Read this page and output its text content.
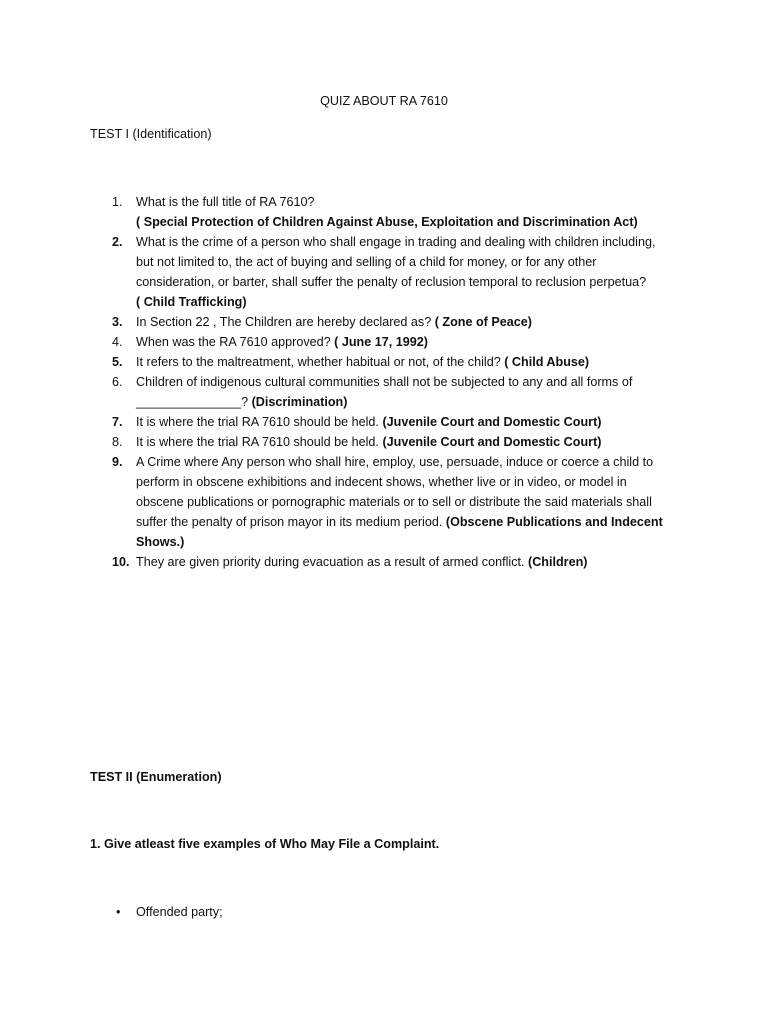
QUIZ ABOUT RA 7610
TEST I (Identification)
1.	What is the full title of RA 7610?
( Special Protection of Children Against Abuse, Exploitation and Discrimination Act)
2.	What is the crime of a person who shall engage in trading and dealing with children including, but not limited to, the act of buying and selling of a child for money, or for any other consideration, or barter, shall suffer the penalty of reclusion temporal to reclusion perpetua?
( Child Trafficking)
3.	In Section 22 , The Children are hereby declared as? ( Zone of Peace)
4.	When was the RA 7610 approved? ( June 17, 1992)
5.	It refers to the maltreatment, whether habitual or not, of the child? ( Child Abuse)
6.	Children of indigenous cultural communities shall not be subjected to any and all forms of
_______________? (Discrimination)
7.	It is where the trial RA 7610 should be held. (Juvenile Court and Domestic Court)
8.	It is where the trial RA 7610 should be held. (Juvenile Court and Domestic Court)
9.	A Crime where Any person who shall hire, employ, use, persuade, induce or coerce a child to perform in obscene exhibitions and indecent shows, whether live or in video, or model in obscene publications or pornographic materials or to sell or distribute the said materials shall suffer the penalty of prison mayor in its medium period. (Obscene Publications and Indecent Shows.)
10. They are given priority during evacuation as a result of armed conflict. (Children)
TEST II (Enumeration)
1. Give atleast five examples of Who May File a Complaint.
• Offended party;
